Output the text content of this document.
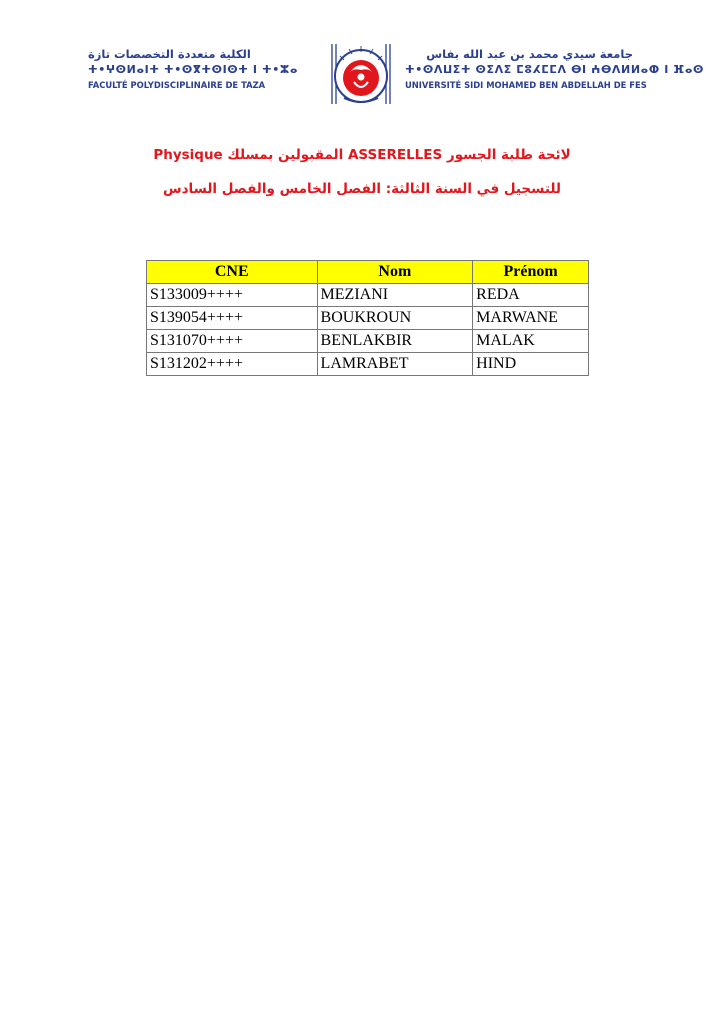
الكلية متعددة التخصصات تازة
ⵜ•ⵖⵙⵍⴰⵏⵜ ⵜ•ⵙⴳⵜⵙⵏⵙⵜ ⵏ ⵜ•ⵣⴰ
FACULTÉ POLYDISCIPLINAIRE DE TAZA
جامعة سيدي محمد بن عبد الله بفاس
ⵜ•ⵙⴷⵡⵉⵜ ⵙⵉⴷⵉ ⵎⵓⵃⵎⵎⴷ ⴱⵏ ⵄⴱⴷⵍⵍⴰⵀ ⵏ ⴼⴰⵙ
UNIVERSITÉ SIDI MOHAMED BEN ABDELLAH DE FES
لائحة طلبة الجسور ASSERELLES المقبولين بمسلك Physique
للتسجيل في السنة الثالثة: الفصل الخامس والفصل السادس
CNE	Nom	Prénom
S133009++++	MEZIANI	REDA
S139054++++	BOUKROUN	MARWANE
S131070++++	BENLAKBIR	MALAK
S131202++++	LAMRABET	HIND
